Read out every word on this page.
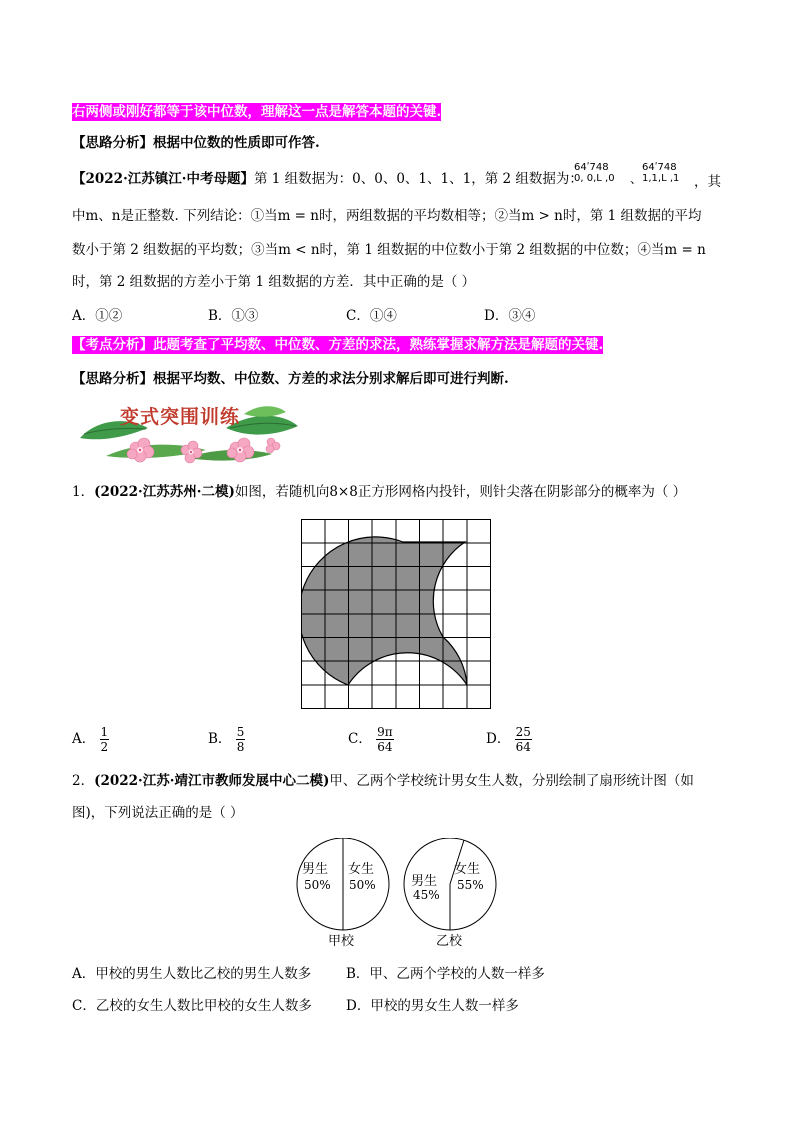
右两侧或刚好都等于该中位数，理解这一点是解答本题的关键.
【思路分析】根据中位数的性质即可作答.
【2022·江苏镇江·中考母题】第 1 组数据为：0、0、0、1、1、1，第 2 组数据为：
64ʹ748
0, 0,L ,0 、
64ʹ748
1,1,L ,1 ，其
中m、n是正整数. 下列结论：①当m = n时，两组数据的平均数相等；②当m > n时，第 1 组数据的平均
数小于第 2 组数据的平均数；③当m < n时，第 1 组数据的中位数小于第 2 组数据的中位数；④当m = n
时，第 2 组数据的方差小于第 1 组数据的方差．其中正确的是（ ）
A．①②	B．①③	C．①④	D．③④
【考点分析】此题考查了平均数、中位数、方差的求法，熟练掌握求解方法是解题的关键.
【思路分析】根据平均数、中位数、方差的求法分别求解后即可进行判断.
变式突围训练
1．(2022·江苏苏州·二模)如图，若随机向8×8正方形网格内投针，则针尖落在阴影部分的概率为（ ）
A． $\frac{1}{2}$	B． $\frac{5}{8}$	C． $\frac{9\pi}{64}$	D． $\frac{25}{64}$
2．(2022·江苏·靖江市教师发展中心二模)甲、乙两个学校统计男女生人数，分别绘制了扇形统计图（如
图)，下列说法正确的是（ ）
男生
50%
女生
50%
甲校
男生
45%
女生
55%
乙校
A．甲校的男生人数比乙校的男生人数多	B．甲、乙两个学校的人数一样多
C．乙校的女生人数比甲校的女生人数多	D．甲校的男女生人数一样多
